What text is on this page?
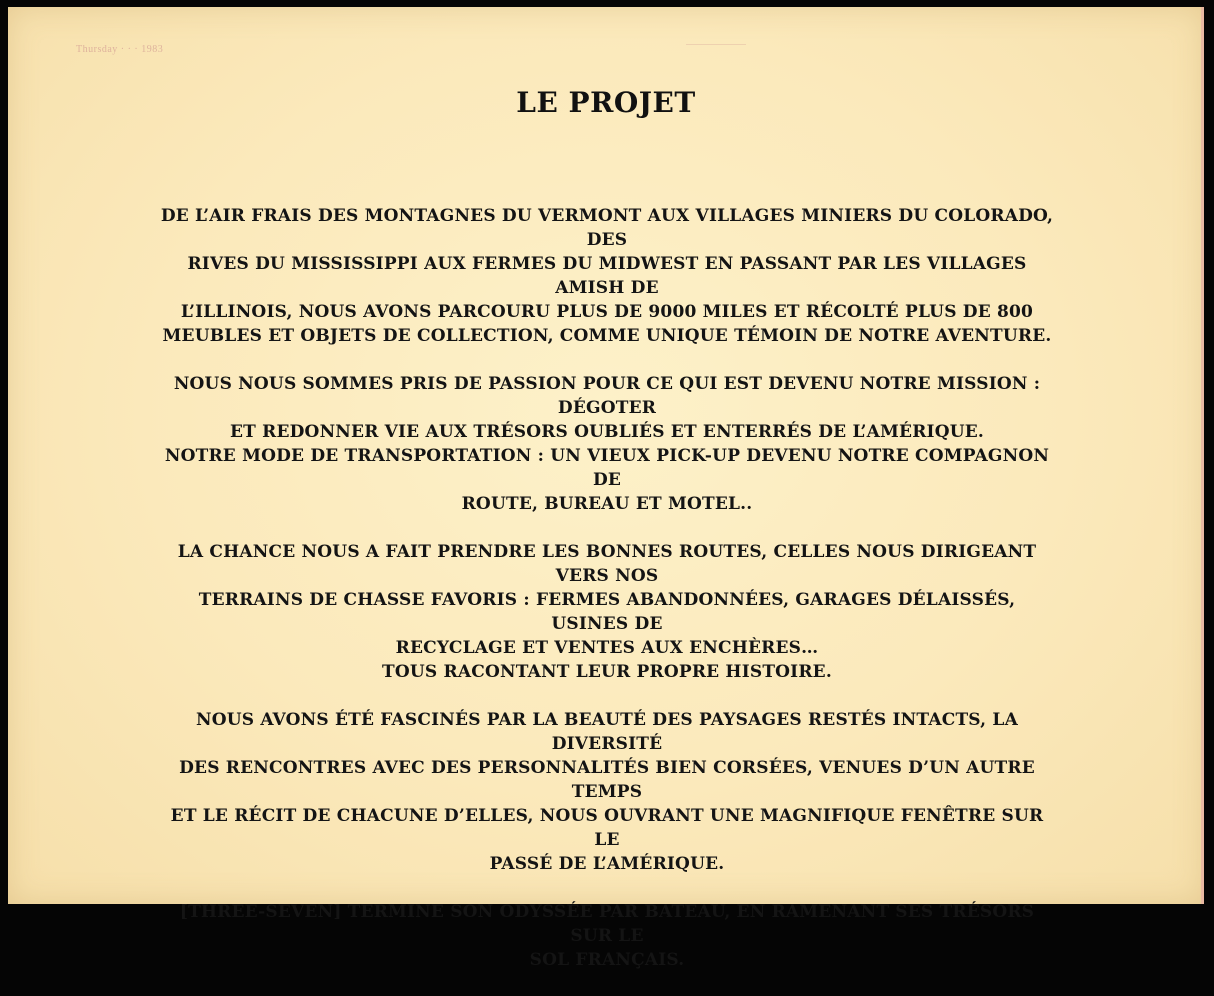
Thursday · · · 1983
LE PROJET

DE L’AIR FRAIS DES MONTAGNES DU VERMONT AUX VILLAGES MINIERS DU COLORADO, DES
RIVES DU MISSISSIPPI AUX FERMES DU MIDWEST EN PASSANT PAR LES VILLAGES AMISH DE
L’ILLINOIS, NOUS AVONS PARCOURU PLUS DE 9000 MILES ET RÉCOLTÉ PLUS DE 800
MEUBLES ET OBJETS DE COLLECTION, COMME UNIQUE TÉMOIN DE NOTRE AVENTURE.

NOUS NOUS SOMMES PRIS DE PASSION POUR CE QUI EST DEVENU NOTRE MISSION : DÉGOTER
ET REDONNER VIE AUX TRÉSORS OUBLIÉS ET ENTERRÉS DE L’AMÉRIQUE.
NOTRE MODE DE TRANSPORTATION : UN VIEUX PICK-UP DEVENU NOTRE COMPAGNON DE
ROUTE, BUREAU ET MOTEL..

LA CHANCE NOUS A FAIT PRENDRE LES BONNES ROUTES, CELLES NOUS DIRIGEANT VERS NOS
TERRAINS DE CHASSE FAVORIS : FERMES ABANDONNÉES, GARAGES DÉLAISSÉS, USINES DE
RECYCLAGE ET VENTES AUX ENCHÈRES…
TOUS RACONTANT LEUR PROPRE HISTOIRE.

NOUS AVONS ÉTÉ FASCINÉS PAR LA BEAUTÉ DES PAYSAGES RESTÉS INTACTS, LA DIVERSITÉ
DES RENCONTRES AVEC DES PERSONNALITÉS BIEN CORSÉES, VENUES D’UN AUTRE TEMPS
ET LE RÉCIT DE CHACUNE D’ELLES, NOUS OUVRANT UNE MAGNIFIQUE FENÊTRE SUR LE
PASSÉ DE L’AMÉRIQUE.

[THREE-SEVEN] TERMINE SON ODYSSÉE PAR BATEAU, EN RAMENANT SES TRÉSORS SUR LE
SOL FRANÇAIS.
